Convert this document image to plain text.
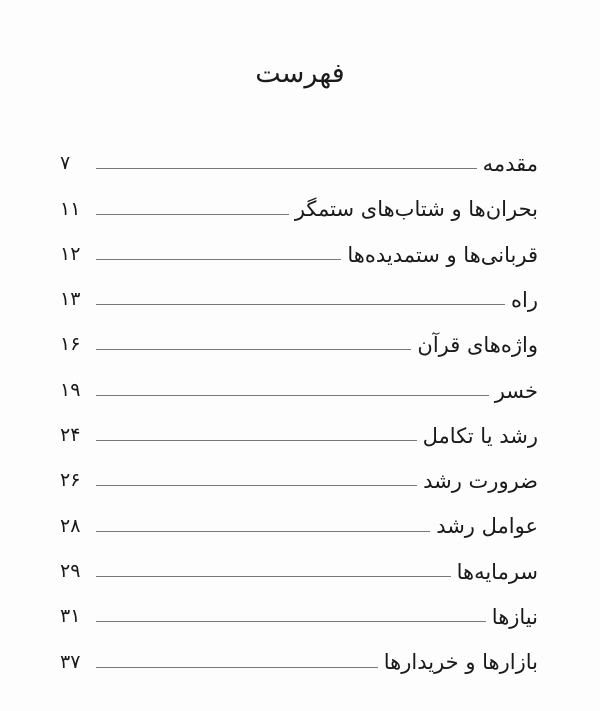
فهرست
۷	مقدمه
۱۱	بحران‌ها و شتاب‌های ستمگر
۱۲	قربانی‌ها و ستمدیده‌ها
۱۳	راه
۱۶	واژه‌های قرآن
۱۹	خسر
۲۴	رشد یا تکامل
۲۶	ضرورت رشد
۲۸	عوامل رشد
۲۹	سرمایه‌ها
۳۱	نیازها
۳۷	بازارها و خریدارها
